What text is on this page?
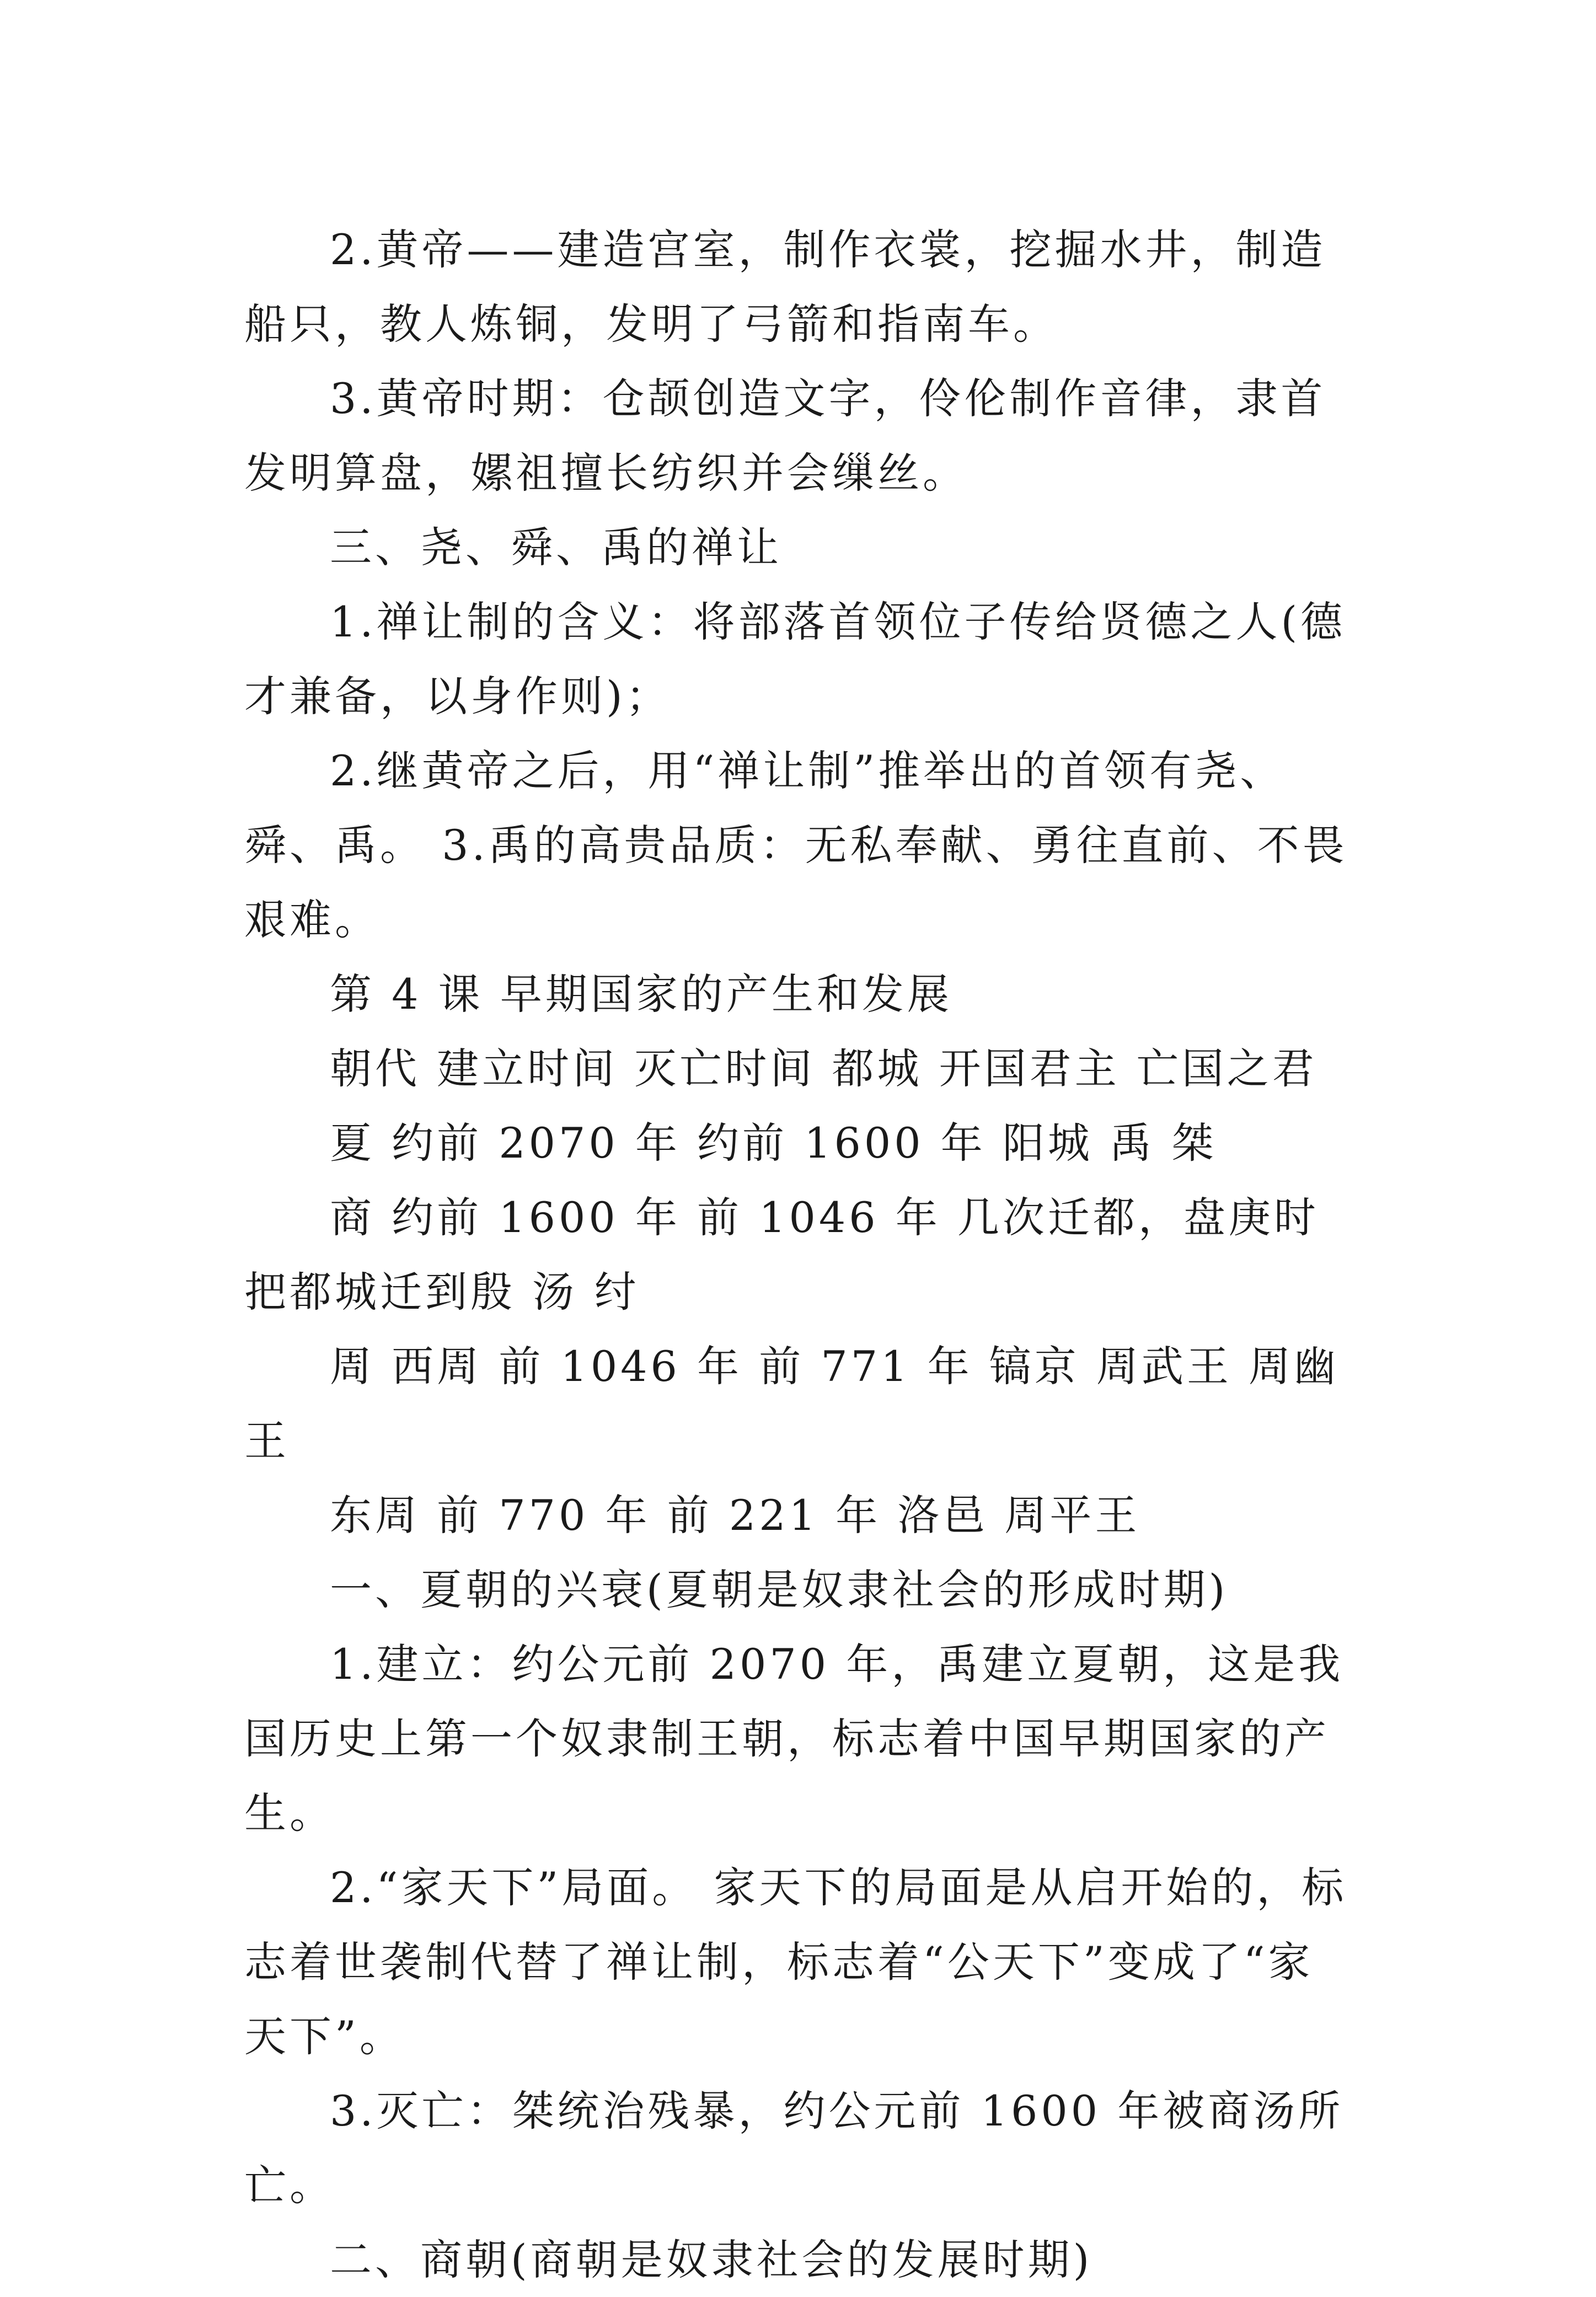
2.黄帝——建造宫室，制作衣裳，挖掘水井，制造船只，教人炼铜，发明了弓箭和指南车。

3.黄帝时期：仓颉创造文字，伶伦制作音律，隶首发明算盘，嫘祖擅长纺织并会缫丝。

三、尧、舜、禹的禅让

1.禅让制的含义：将部落首领位子传给贤德之人(德才兼备，以身作则)；

2.继黄帝之后，用“禅让制”推举出的首领有尧、舜、禹。 3.禹的高贵品质：无私奉献、勇往直前、不畏艰难。

第 4 课 早期国家的产生和发展

朝代 建立时间 灭亡时间 都城 开国君主 亡国之君

夏 约前 2070 年 约前 1600 年 阳城 禹 桀

商 约前 1600 年 前 1046 年 几次迁都，盘庚时把都城迁到殷 汤 纣

周 西周 前 1046 年 前 771 年 镐京 周武王 周幽王

东周 前 770 年 前 221 年 洛邑 周平王

一、夏朝的兴衰(夏朝是奴隶社会的形成时期)

1.建立：约公元前 2070 年，禹建立夏朝，这是我国历史上第一个奴隶制王朝，标志着中国早期国家的产生。

2.“家天下”局面。 家天下的局面是从启开始的，标志着世袭制代替了禅让制，标志着“公天下”变成了“家天下”。

3.灭亡：桀统治残暴，约公元前 1600 年被商汤所亡。

二、商朝(商朝是奴隶社会的发展时期)
